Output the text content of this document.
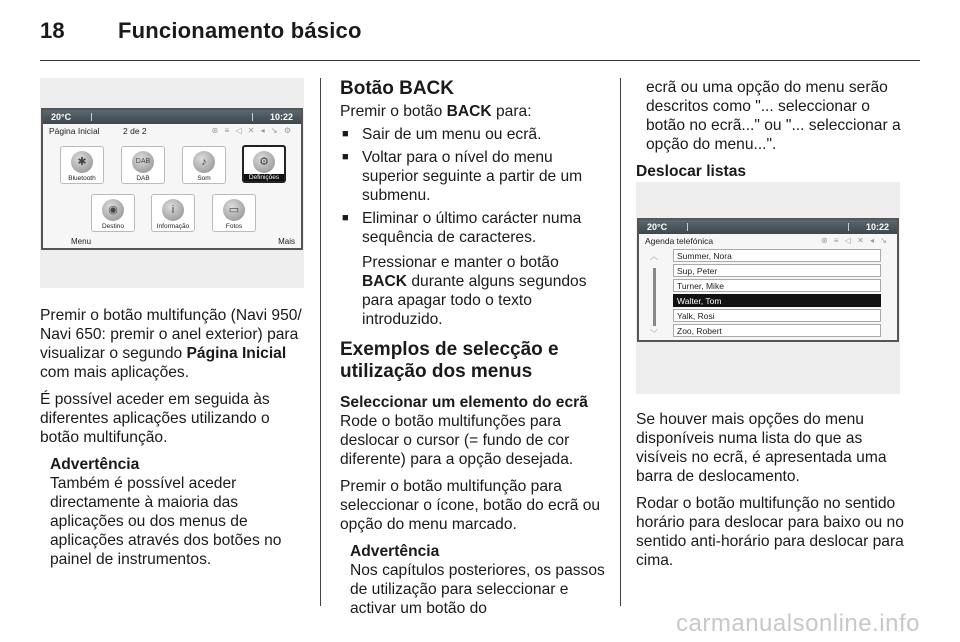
18 Funcionamento básico
20°C	10:22
Página Inicial	2 de 2	⊛ ≡ ◁ ✕ ◂ ↘ ⚙
✱
Bluetooth
DAB
DAB
♪
Som
⚙
Definições
◉
Destino
i
Informação
▭
Fotos
Menu	Mais

Premir o botão multifunção (Navi 950/ Navi 650: premir o anel exterior) para visualizar o segundo Página Inicial com mais aplicações.

É possível aceder em seguida às diferentes aplicações utilizando o botão multifunção.

Advertência
Também é possível aceder directamente à maioria das aplicações ou dos menus de aplicações através dos botões no painel de instrumentos.
Botão BACK

Premir o botão BACK para:

■ Sair de um menu ou ecrã.
■ Voltar para o nível do menu superior seguinte a partir de um submenu.
■ Eliminar o último carácter numa sequência de caracteres.

Pressionar e manter o botão BACK durante alguns segundos para apagar todo o texto introduzido.

Exemplos de selecção e utilização dos menus
Seleccionar um elemento do ecrã

Rode o botão multifunções para deslocar o cursor (= fundo de cor diferente) para a opção desejada.

Premir o botão multifunção para seleccionar o ícone, botão do ecrã ou opção do menu marcado.

Advertência
Nos capítulos posteriores, os passos de utilização para seleccionar e activar um botão do

ecrã ou uma opção do menu serão descritos como "... seleccionar o botão no ecrã..." ou "... seleccionar a opção do menu...".

Deslocar listas
20°C	10:22
Agenda telefónica	⊛ ≡ ◁ ✕ ◂ ↘
︿
﹀
Summer, Nora
Sup, Peter
Turner, Mike
Walter, Tom
Yalk, Rosi
Zoo, Robert

Se houver mais opções do menu disponíveis numa lista do que as visíveis no ecrã, é apresentada uma barra de deslocamento.

Rodar o botão multifunção no sentido horário para deslocar para baixo ou no sentido anti-horário para deslocar para cima.

carmanualsonline.info
